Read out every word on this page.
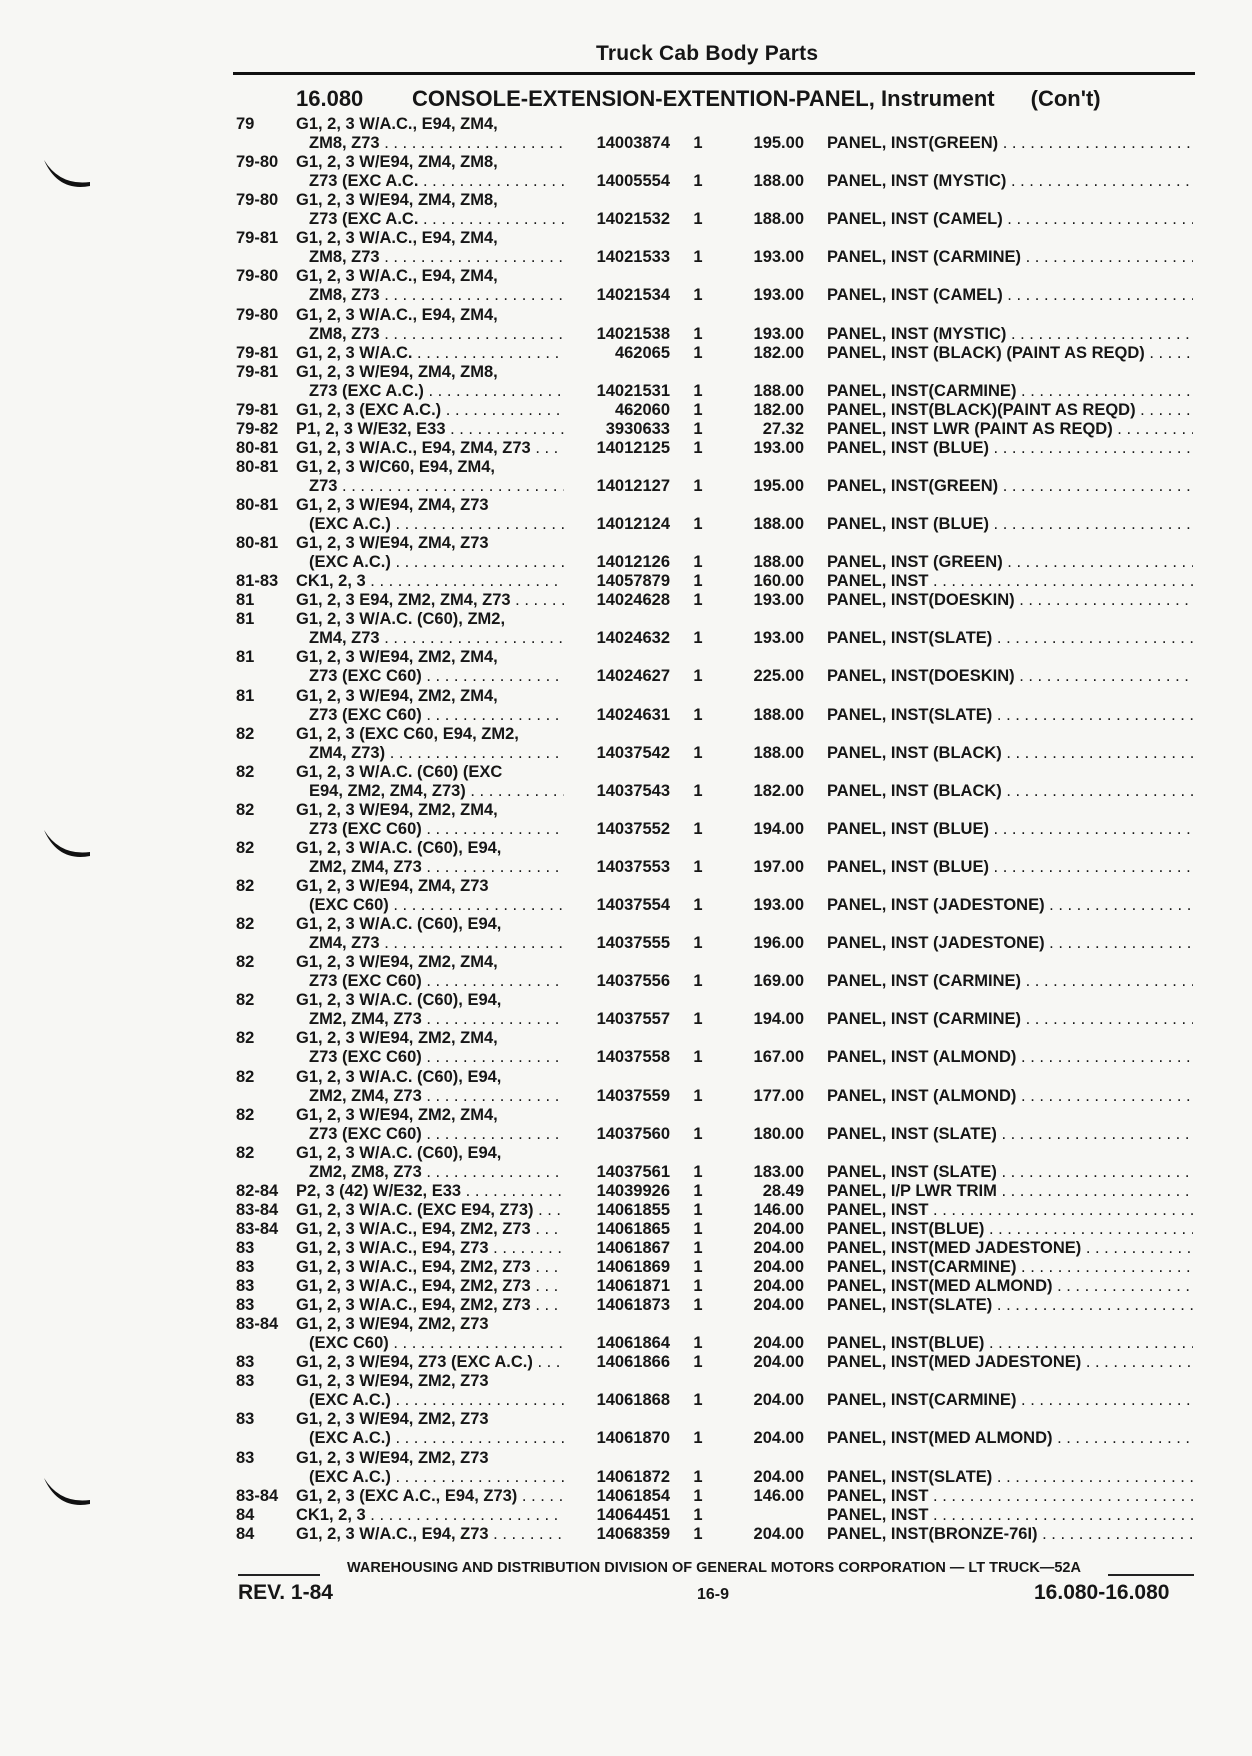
Truck Cab Body Parts
16.080 CONSOLE-EXTENSION-EXTENTION-PANEL, Instrument (Con't)
79	G1, 2, 3 W/A.C., E94, ZM4,
ZM8, Z73 . . .	14003874 1	195.00 PANEL, INST(GREEN) . . .
79-80 G1, 2, 3 W/E94, ZM4, ZM8,
Z73 (EXC A.C. . . .	14005554 1	188.00 PANEL, INST (MYSTIC) . . .
79-80 G1, 2, 3 W/E94, ZM4, ZM8,
Z73 (EXC A.C. . . .	14021532 1	188.00 PANEL, INST (CAMEL) . . .
79-81 G1, 2, 3 W/A.C., E94, ZM4,
ZM8, Z73 . . .	14021533 1	193.00 PANEL, INST (CARMINE) . . .
79-80 G1, 2, 3 W/A.C., E94, ZM4,
ZM8, Z73 . . .	14021534 1	193.00 PANEL, INST (CAMEL) . . .
79-80 G1, 2, 3 W/A.C., E94, ZM4,
ZM8, Z73 . . .	14021538 1	193.00 PANEL, INST (MYSTIC) . . .
79-81 G1, 2, 3 W/A.C. . . .	462065 1	182.00 PANEL, INST (BLACK) (PAINT AS REQD) . . .
79-81 G1, 2, 3 W/E94, ZM4, ZM8,
Z73 (EXC A.C.) . . .	14021531 1	188.00 PANEL, INST(CARMINE) . . .
79-81 G1, 2, 3 (EXC A.C.) . . .	462060 1	182.00 PANEL, INST(BLACK)(PAINT AS REQD) . . .
79-82 P1, 2, 3 W/E32, E33 . . .	3930633 1	27.32 PANEL, INST LWR (PAINT AS REQD) . . .
80-81 G1, 2, 3 W/A.C., E94, ZM4, Z73 . . .	14012125 1	193.00 PANEL, INST (BLUE) . . .
80-81 G1, 2, 3 W/C60, E94, ZM4,
Z73 . . .	14012127 1	195.00 PANEL, INST(GREEN) . . .
80-81 G1, 2, 3 W/E94, ZM4, Z73
(EXC A.C.) . . .	14012124 1	188.00 PANEL, INST (BLUE) . . .
80-81 G1, 2, 3 W/E94, ZM4, Z73
(EXC A.C.) . . .	14012126 1	188.00 PANEL, INST (GREEN) . . .
81-83 CK1, 2, 3 . . .	14057879 1	160.00 PANEL, INST . . .
81	G1, 2, 3 E94, ZM2, ZM4, Z73 . . .	14024628 1	193.00 PANEL, INST(DOESKIN) . . .
81	G1, 2, 3 W/A.C. (C60), ZM2,
ZM4, Z73 . . .	14024632 1	193.00 PANEL, INST(SLATE) . . .
81	G1, 2, 3 W/E94, ZM2, ZM4,
Z73 (EXC C60) . . .	14024627 1	225.00 PANEL, INST(DOESKIN) . . .
81	G1, 2, 3 W/E94, ZM2, ZM4,
Z73 (EXC C60) . . .	14024631 1	188.00 PANEL, INST(SLATE) . . .
82	G1, 2, 3 (EXC C60, E94, ZM2,
ZM4, Z73) . . .	14037542 1	188.00 PANEL, INST (BLACK) . . .
82	G1, 2, 3 W/A.C. (C60) (EXC
E94, ZM2, ZM4, Z73) . . .	14037543 1	182.00 PANEL, INST (BLACK) . . .
82	G1, 2, 3 W/E94, ZM2, ZM4,
Z73 (EXC C60) . . .	14037552 1	194.00 PANEL, INST (BLUE) . . .
82	G1, 2, 3 W/A.C. (C60), E94,
ZM2, ZM4, Z73 . . .	14037553 1	197.00 PANEL, INST (BLUE) . . .
82	G1, 2, 3 W/E94, ZM4, Z73
(EXC C60) . . .	14037554 1	193.00 PANEL, INST (JADESTONE) . . .
82	G1, 2, 3 W/A.C. (C60), E94,
ZM4, Z73 . . .	14037555 1	196.00 PANEL, INST (JADESTONE) . . .
82	G1, 2, 3 W/E94, ZM2, ZM4,
Z73 (EXC C60) . . .	14037556 1	169.00 PANEL, INST (CARMINE) . . .
82	G1, 2, 3 W/A.C. (C60), E94,
ZM2, ZM4, Z73 . . .	14037557 1	194.00 PANEL, INST (CARMINE) . . .
82	G1, 2, 3 W/E94, ZM2, ZM4,
Z73 (EXC C60) . . .	14037558 1	167.00 PANEL, INST (ALMOND) . . .
82	G1, 2, 3 W/A.C. (C60), E94,
ZM2, ZM4, Z73 . . .	14037559 1	177.00 PANEL, INST (ALMOND) . . .
82	G1, 2, 3 W/E94, ZM2, ZM4,
Z73 (EXC C60) . . .	14037560 1	180.00 PANEL, INST (SLATE) . . .
82	G1, 2, 3 W/A.C. (C60), E94,
ZM2, ZM8, Z73 . . .	14037561 1	183.00 PANEL, INST (SLATE) . . .
82-84 P2, 3 (42) W/E32, E33 . . .	14039926 1	28.49 PANEL, I/P LWR TRIM . . .
83-84 G1, 2, 3 W/A.C. (EXC E94, Z73) . . .	14061855 1	146.00 PANEL, INST . . .
83-84 G1, 2, 3 W/A.C., E94, ZM2, Z73 . . .	14061865 1	204.00 PANEL, INST(BLUE) . . .
83	G1, 2, 3 W/A.C., E94, Z73 . . .	14061867 1	204.00 PANEL, INST(MED JADESTONE) . . .
83	G1, 2, 3 W/A.C., E94, ZM2, Z73 . . .	14061869 1	204.00 PANEL, INST(CARMINE) . . .
83	G1, 2, 3 W/A.C., E94, ZM2, Z73 . . .	14061871 1	204.00 PANEL, INST(MED ALMOND) . . .
83	G1, 2, 3 W/A.C., E94, ZM2, Z73 . . .	14061873 1	204.00 PANEL, INST(SLATE) . . .
83-84 G1, 2, 3 W/E94, ZM2, Z73
(EXC C60) . . .	14061864 1	204.00 PANEL, INST(BLUE) . . .
83	G1, 2, 3 W/E94, Z73 (EXC A.C.) . . .	14061866 1	204.00 PANEL, INST(MED JADESTONE) . . .
83	G1, 2, 3 W/E94, ZM2, Z73
(EXC A.C.) . . .	14061868 1	204.00 PANEL, INST(CARMINE) . . .
83	G1, 2, 3 W/E94, ZM2, Z73
(EXC A.C.) . . .	14061870 1	204.00 PANEL, INST(MED ALMOND) . . .
83	G1, 2, 3 W/E94, ZM2, Z73
(EXC A.C.) . . .	14061872 1	204.00 PANEL, INST(SLATE) . . .
83-84 G1, 2, 3 (EXC A.C., E94, Z73) . . .	14061854 1	146.00 PANEL, INST . . .
84	CK1, 2, 3 . . .	14064451 1	PANEL, INST . . .
84	G1, 2, 3 W/A.C., E94, Z73 . . .	14068359 1	204.00 PANEL, INST(BRONZE-76I) . . .
WAREHOUSING AND DISTRIBUTION DIVISION OF GENERAL MOTORS CORPORATION — LT TRUCK—52A
REV. 1-84	16-9	16.080-16.080
